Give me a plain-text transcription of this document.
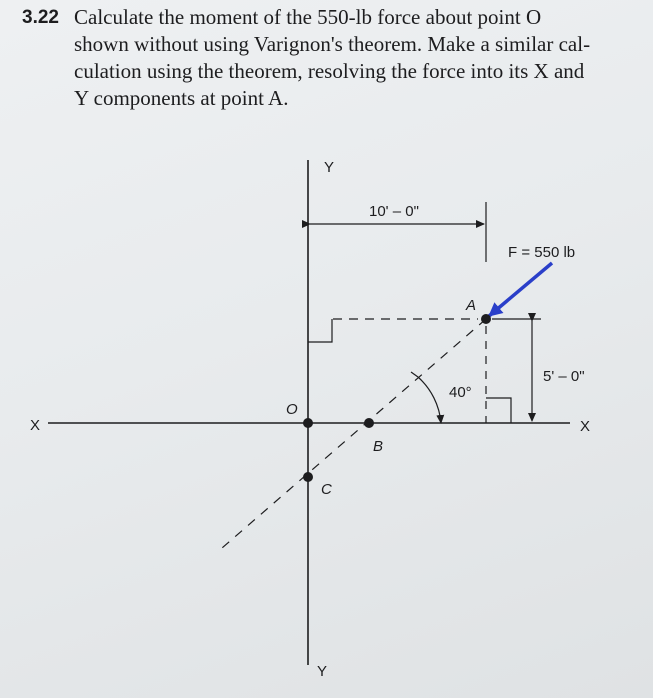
3.22 Calculate the moment of the 550-lb force about point O
shown without using Varignon's theorem. Make a similar cal-
culation using the theorem, resolving the force into its X and
Y components at point A.
Y
Y
X	X
O
A
B
C
10' – 0"
5' – 0"
F = 550 lb
40°
